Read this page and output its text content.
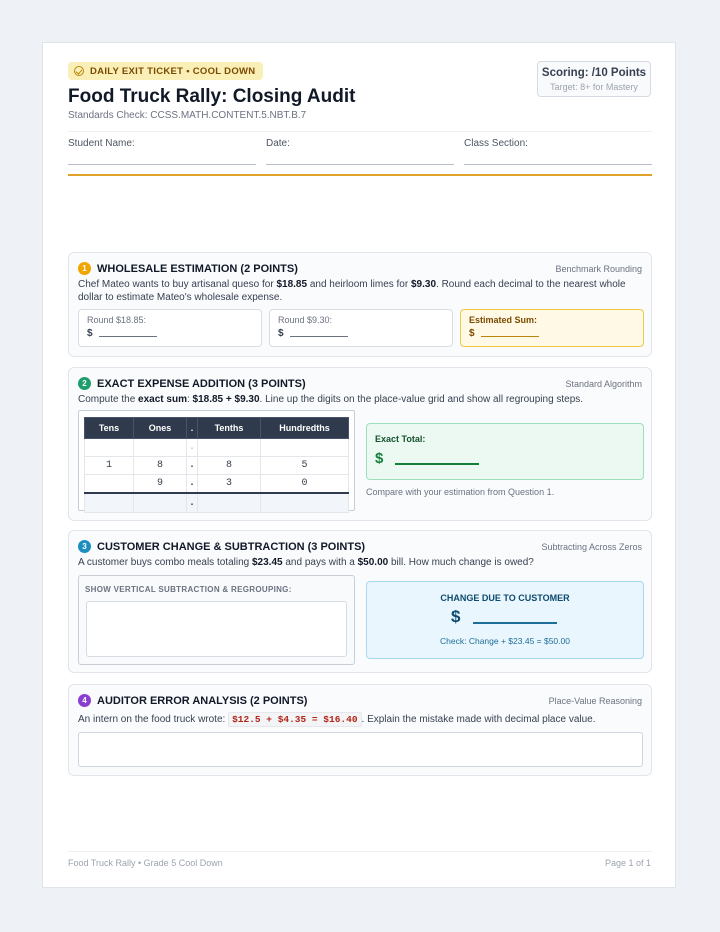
DAILY EXIT TICKET • COOL DOWN
Food Truck Rally: Closing Audit
Standards Check: CCSS.MATH.CONTENT.5.NBT.B.7
Scoring: /10 Points
Target: 8+ for Mastery
Student Name:	Date:	Class Section:
1 WHOLESALE ESTIMATION (2 POINTS)	Benchmark Rounding
Chef Mateo wants to buy artisanal queso for $18.85 and heirloom limes for $9.30. Round each decimal to the nearest whole dollar to estimate Mateo's wholesale expense.
Round $18.85:
$
Round $9.30:
$
Estimated Sum:
$
2 EXACT EXPENSE ADDITION (3 POINTS)	Standard Algorithm
Compute the exact sum: $18.85 + $9.30. Line up the digits on the place-value grid and show all regrouping steps.
Tens	Ones	.	Tenths	Hundredths
		.		
1	8	.	8	5
	9	.	3	0
		.		
Exact Total:
$
Compare with your estimation from Question 1.
3 CUSTOMER CHANGE & SUBTRACTION (3 POINTS)	Subtracting Across Zeros
A customer buys combo meals totaling $23.45 and pays with a $50.00 bill. How much change is owed?
SHOW VERTICAL SUBTRACTION & REGROUPING:
CHANGE DUE TO CUSTOMER
$
Check: Change + $23.45 = $50.00
4 AUDITOR ERROR ANALYSIS (2 POINTS)	Place-Value Reasoning
An intern on the food truck wrote: $12.5 + $4.35 = $16.40 . Explain the mistake made with decimal place value.
Food Truck Rally • Grade 5 Cool Down	Page 1 of 1
